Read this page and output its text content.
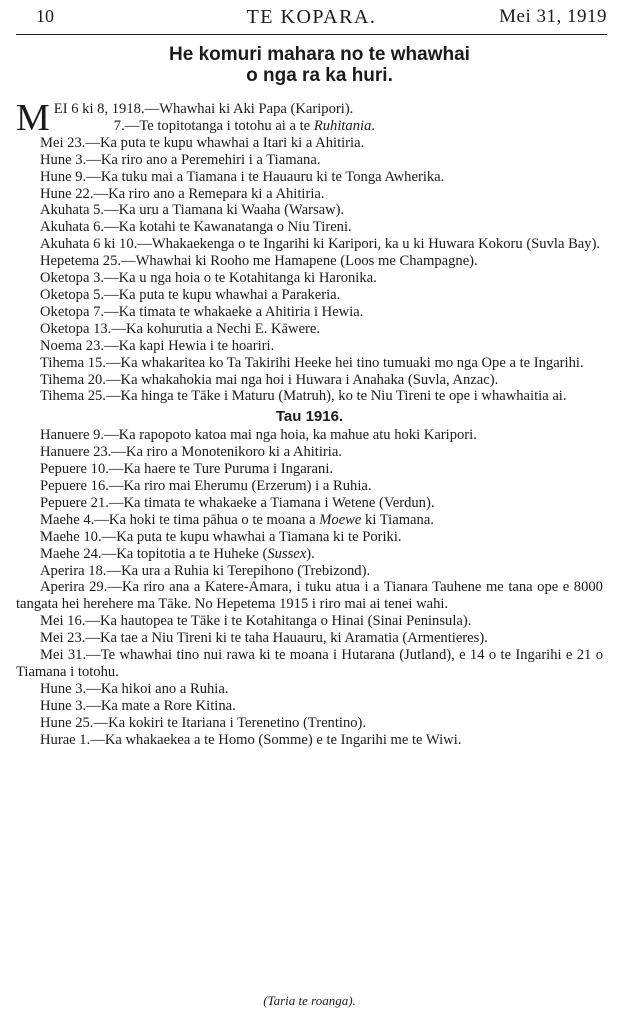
10	TE KOPARA.	Mei 31, 1919
He komuri mahara no te whawhai
o nga ra ka huri.

MEI 6 ki 8, 1918.—Whawhai ki Aki Papa (Karipori).

7.—Te topitotanga i totohu ai a te Ruhitania.

Mei 23.—Ka puta te kupu whawhai a Itari ki a Ahitiria.

Hune 3.—Ka riro ano a Peremehiri i a Tiamana.

Hune 9.—Ka tuku mai a Tiamana i te Hauauru ki te Tonga Awherika.

Hune 22.—Ka riro ano a Remepara ki a Ahitiria.

Akuhata 5.—Ka uru a Tiamana ki Waaha (Warsaw).

Akuhata 6.—Ka kotahi te Kawanatanga o Niu Tireni.

Akuhata 6 ki 10.—Whakaekenga o te Ingarihi ki Karipori, ka u ki Huwara Kokoru (Suvla Bay).

Hepetema 25.—Whawhai ki Rooho me Hamapene (Loos me Champagne).

Oketopa 3.—Ka u nga hoia o te Kotahitanga ki Haronika.

Oketopa 5.—Ka puta te kupu whawhai a Parakeria.

Oketopa 7.—Ka timata te whakaeke a Ahitiria i Hewia.

Oketopa 13.—Ka kohurutia a Nechi E. Kāwere.

Noema 23.—Ka kapi Hewia i te hoariri.

Tihema 15.—Ka whakaritea ko Ta Takirihi Heeke hei tino tumuaki mo nga Ope a te Ingarihi.

Tihema 20.—Ka whakahokia mai nga hoi i Huwara i Anahaka (Suvla, Anzac).

Tihema 25.—Ka hinga te Tāke i Maturu (Matruh), ko te Niu Tireni te ope i whawhaitia ai.

Tau 1916.

Hanuere 9.—Ka rapopoto katoa mai nga hoia, ka mahue atu hoki Karipori.

Hanuere 23.—Ka riro a Monotenikoro ki a Ahitiria.

Pepuere 10.—Ka haere te Ture Puruma i Ingarani.

Pepuere 16.—Ka riro mai Eherumu (Erzerum) i a Ruhia.

Pepuere 21.—Ka timata te whakaeke a Tiamana i Wetene (Verdun).

Maehe 4.—Ka hoki te tima pāhua o te moana a Moewe ki Tiamana.

Maehe 10.—Ka puta te kupu whawhai a Tiamana ki te Poriki.

Maehe 24.—Ka topitotia a te Huheke (Sussex).

Aperira 18.—Ka ura a Ruhia ki Terepihono (Trebizond).

Aperira 29.—Ka riro ana a Katere-Amara, i tuku atua i a Tianara Tauhene me tana ope e 8000 tangata hei herehere ma Tāke. No Hepetema 1915 i riro mai ai tenei wahi.

Mei 16.—Ka hautopea te Tāke i te Kotahitanga o Hinai (Sinai Peninsula).

Mei 23.—Ka tae a Niu Tireni ki te taha Hauauru, ki Aramatia (Armentieres).

Mei 31.—Te whawhai tino nui rawa ki te moana i Hutarana (Jutland), e 14 o te Ingarihi e 21 o Tiamana i totohu.

Hune 3.—Ka hikoi ano a Ruhia.

Hune 3.—Ka mate a Rore Kitina.

Hune 25.—Ka kokiri te Itariana i Terenetino (Trentino).

Hurae 1.—Ka whakaekea a te Homo (Somme) e te Ingarihi me te Wiwi.

(Taria te roanga).
